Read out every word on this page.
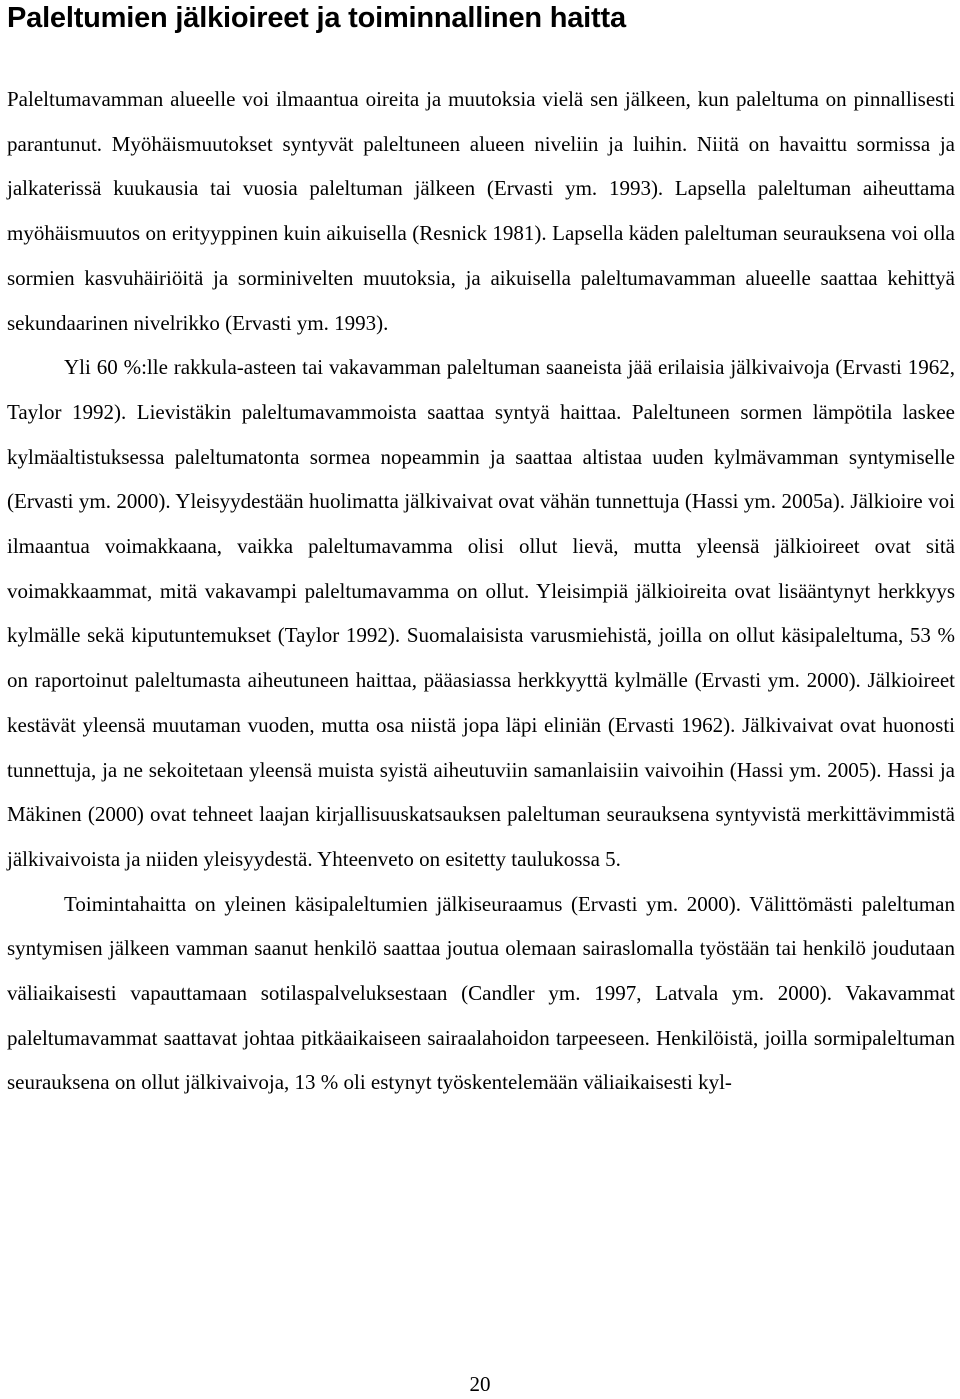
Paleltumien jälkioireet ja toiminnallinen haitta

Paleltumavamman alueelle voi ilmaantua oireita ja muutoksia vielä sen jälkeen, kun paleltuma on pinnallisesti parantunut. Myöhäismuutokset syntyvät paleltuneen alueen niveliin ja luihin. Niitä on havaittu sormissa ja jalkaterissä kuukausia tai vuosia paleltuman jälkeen (Ervasti ym. 1993). Lapsella paleltuman aiheuttama myöhäismuutos on erityyppinen kuin aikuisella (Resnick 1981). Lapsella käden paleltuman seurauksena voi olla sormien kasvuhäiriöitä ja sorminivelten muutoksia, ja aikuisella paleltumavamman alueelle saattaa kehittyä sekundaarinen nivelrikko (Ervasti ym. 1993).

Yli 60 %:lle rakkula-asteen tai vakavamman paleltuman saaneista jää erilaisia jälkivaivoja (Ervasti 1962, Taylor 1992). Lievistäkin paleltumavammoista saattaa syntyä haittaa. Paleltuneen sormen lämpötila laskee kylmäaltistuksessa paleltumatonta sormea nopeammin ja saattaa altistaa uuden kylmävamman syntymiselle (Ervasti ym. 2000). Yleisyydestään huolimatta jälkivaivat ovat vähän tunnettuja (Hassi ym. 2005a). Jälkioire voi ilmaantua voimakkaana, vaikka paleltumavamma olisi ollut lievä, mutta yleensä jälkioireet ovat sitä voimakkaammat, mitä vakavampi paleltumavamma on ollut. Yleisimpiä jälkioireita ovat lisääntynyt herkkyys kylmälle sekä kiputuntemukset (Taylor 1992). Suomalaisista varusmiehistä, joilla on ollut käsipaleltuma, 53 % on raportoinut paleltumasta aiheutuneen haittaa, pääasiassa herkkyyttä kylmälle (Ervasti ym. 2000). Jälkioireet kestävät yleensä muutaman vuoden, mutta osa niistä jopa läpi eliniän (Ervasti 1962). Jälkivaivat ovat huonosti tunnettuja, ja ne sekoitetaan yleensä muista syistä aiheutuviin samanlaisiin vaivoihin (Hassi ym. 2005). Hassi ja Mäkinen (2000) ovat tehneet laajan kirjallisuuskatsauksen paleltuman seurauksena syntyvistä merkittävimmistä jälkivaivoista ja niiden yleisyydestä. Yhteenveto on esitetty taulukossa 5.

Toimintahaitta on yleinen käsipaleltumien jälkiseuraamus (Ervasti ym. 2000). Välittömästi paleltuman syntymisen jälkeen vamman saanut henkilö saattaa joutua olemaan sairaslomalla työstään tai henkilö joudutaan väliaikaisesti vapauttamaan sotilaspalveluksestaan (Candler ym. 1997, Latvala ym. 2000). Vakavammat paleltumavammat saattavat johtaa pitkäaikaiseen sairaalahoidon tarpeeseen. Henkilöistä, joilla sormipaleltuman seurauksena on ollut jälkivaivoja, 13 % oli estynyt työskentelemään väliaikaisesti kyl-

20
